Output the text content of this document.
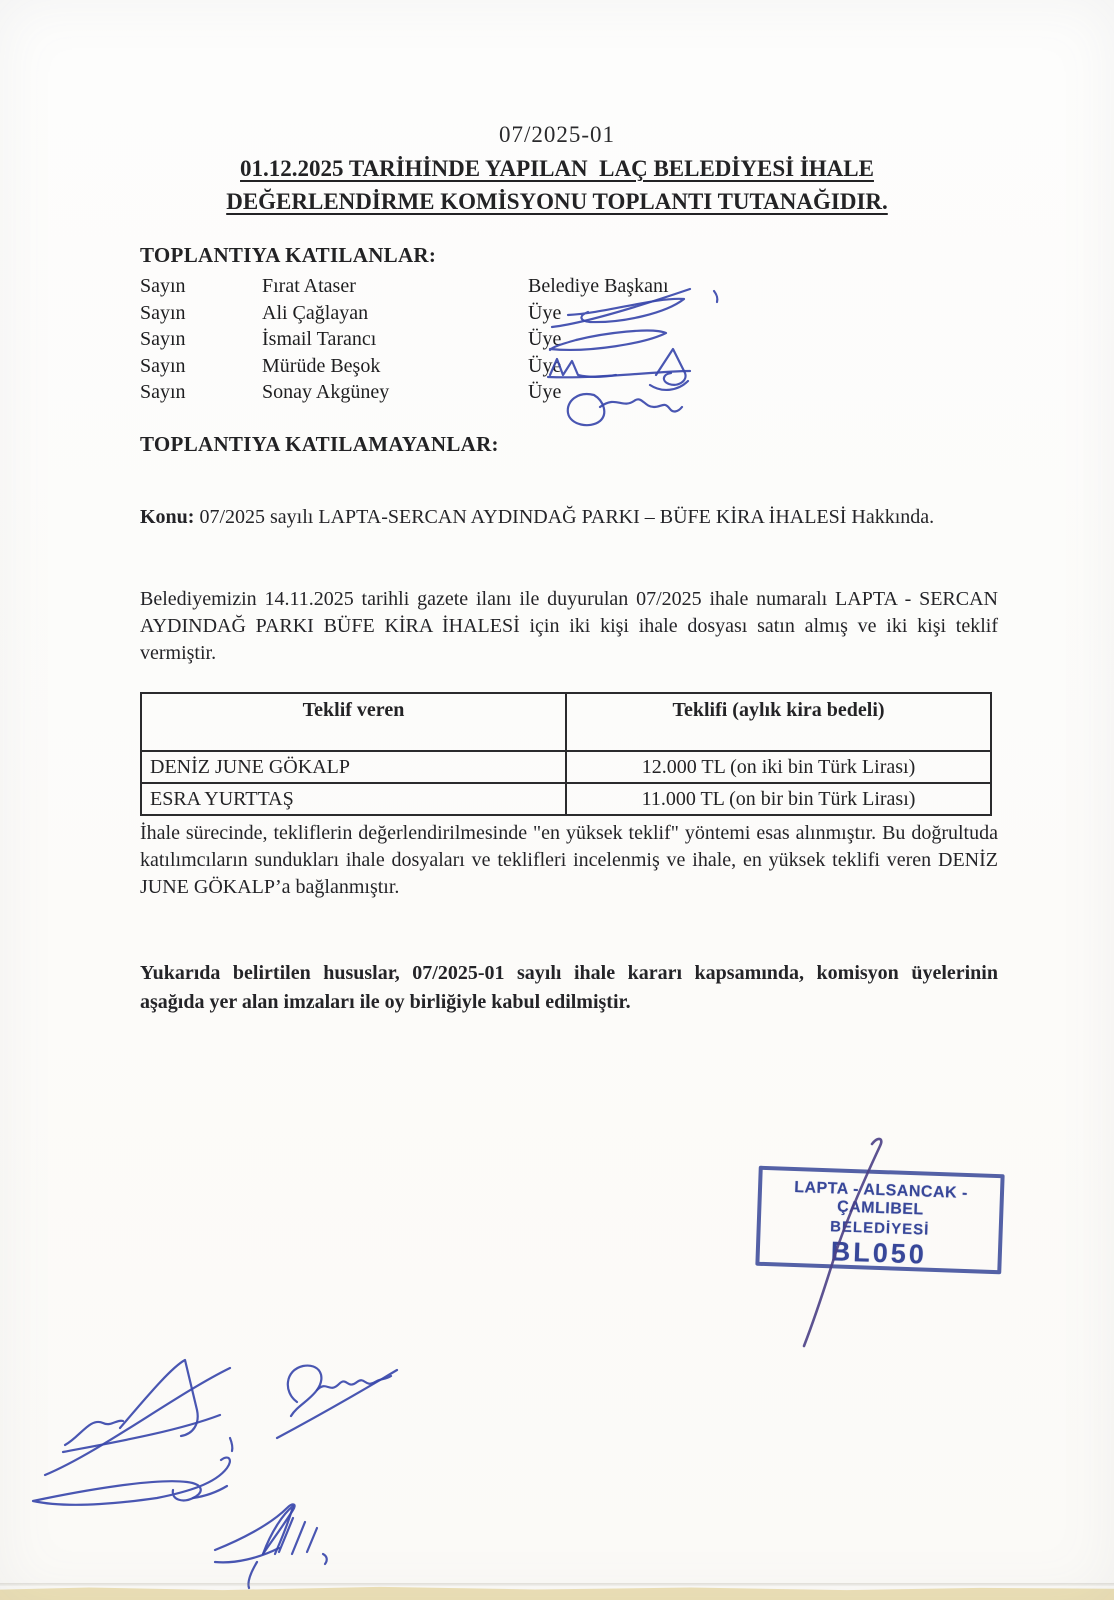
07/2025-01
01.12.2025 TARİHİNDE YAPILAN  LAÇ BELEDİYESİ İHALE
DEĞERLENDİRME KOMİSYONU TOPLANTI TUTANAĞIDIR.
TOPLANTIYA KATILANLAR:
Sayın	Fırat Ataser	Belediye Başkanı
Sayın	Ali Çağlayan	Üye
Sayın	İsmail Tarancı	Üye
Sayın	Mürüde Beşok	Üye
Sayın	Sonay Akgüney	Üye
TOPLANTIYA KATILAMAYANLAR:
Konu: 07/2025 sayılı LAPTA-SERCAN AYDINDAĞ PARKI – BÜFE KİRA İHALESİ Hakkında.
Belediyemizin 14.11.2025 tarihli gazete ilanı ile duyurulan 07/2025 ihale numaralı LAPTA - SERCAN AYDINDAĞ PARKI BÜFE KİRA İHALESİ için iki kişi ihale dosyası satın almış ve iki kişi teklif vermiştir.
Teklif veren	Teklifi (aylık kira bedeli)
DENİZ JUNE GÖKALP	12.000 TL (on iki bin Türk Lirası)
ESRA YURTTAŞ	11.000 TL (on bir bin Türk Lirası)
İhale sürecinde, tekliflerin değerlendirilmesinde "en yüksek teklif" yöntemi esas alınmıştır. Bu doğrultuda katılımcıların sundukları ihale dosyaları ve teklifleri incelenmiş ve ihale, en yüksek teklifi veren DENİZ JUNE GÖKALP’a bağlanmıştır.
Yukarıda belirtilen hususlar, 07/2025-01 sayılı ihale kararı kapsamında, komisyon üyelerinin aşağıda yer alan imzaları ile oy birliğiyle kabul edilmiştir.
LAPTA - ALSANCAK - ÇAMLIBEL
BELEDİYESİ
BL050
